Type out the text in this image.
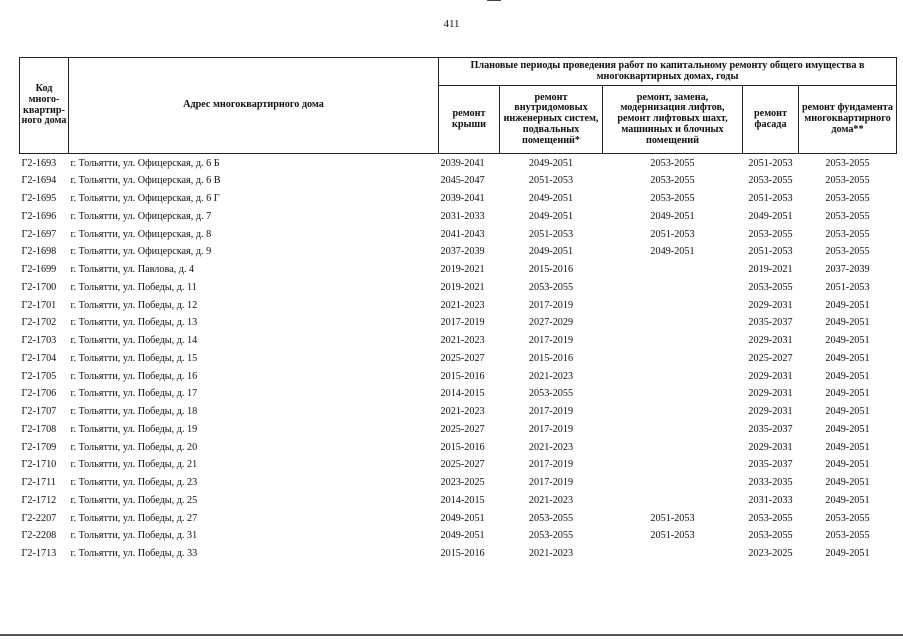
411
Код много-квартир-ного дома	Адрес многоквартирного дома	Плановые периоды проведения работ по капитальному ремонту общего имущества в многоквартирных домах, годы				
		ремонт крыши	ремонт внутридомовых инженерных систем, подвальных помещений*	ремонт, замена, модернизация лифтов, ремонт лифтовых шахт, машинных и блочных помещений	ремонт фасада	ремонт фундамента многоквартирного дома**
Г2-1693	г. Тольятти, ул. Офицерская, д. 6 Б	2039-2041	2049-2051	2053-2055	2051-2053	2053-2055
Г2-1694	г. Тольятти, ул. Офицерская, д. 6 В	2045-2047	2051-2053	2053-2055	2053-2055	2053-2055
Г2-1695	г. Тольятти, ул. Офицерская, д. 6 Г	2039-2041	2049-2051	2053-2055	2051-2053	2053-2055
Г2-1696	г. Тольятти, ул. Офицерская, д. 7	2031-2033	2049-2051	2049-2051	2049-2051	2053-2055
Г2-1697	г. Тольятти, ул. Офицерская, д. 8	2041-2043	2051-2053	2051-2053	2053-2055	2053-2055
Г2-1698	г. Тольятти, ул. Офицерская, д. 9	2037-2039	2049-2051	2049-2051	2051-2053	2053-2055
Г2-1699	г. Тольятти, ул. Павлова, д. 4	2019-2021	2015-2016		2019-2021	2037-2039
Г2-1700	г. Тольятти, ул. Победы, д. 11	2019-2021	2053-2055		2053-2055	2051-2053
Г2-1701	г. Тольятти, ул. Победы, д. 12	2021-2023	2017-2019		2029-2031	2049-2051
Г2-1702	г. Тольятти, ул. Победы, д. 13	2017-2019	2027-2029		2035-2037	2049-2051
Г2-1703	г. Тольятти, ул. Победы, д. 14	2021-2023	2017-2019		2029-2031	2049-2051
Г2-1704	г. Тольятти, ул. Победы, д. 15	2025-2027	2015-2016		2025-2027	2049-2051
Г2-1705	г. Тольятти, ул. Победы, д. 16	2015-2016	2021-2023		2029-2031	2049-2051
Г2-1706	г. Тольятти, ул. Победы, д. 17	2014-2015	2053-2055		2029-2031	2049-2051
Г2-1707	г. Тольятти, ул. Победы, д. 18	2021-2023	2017-2019		2029-2031	2049-2051
Г2-1708	г. Тольятти, ул. Победы, д. 19	2025-2027	2017-2019		2035-2037	2049-2051
Г2-1709	г. Тольятти, ул. Победы, д. 20	2015-2016	2021-2023		2029-2031	2049-2051
Г2-1710	г. Тольятти, ул. Победы, д. 21	2025-2027	2017-2019		2035-2037	2049-2051
Г2-1711	г. Тольятти, ул. Победы, д. 23	2023-2025	2017-2019		2033-2035	2049-2051
Г2-1712	г. Тольятти, ул. Победы, д. 25	2014-2015	2021-2023		2031-2033	2049-2051
Г2-2207	г. Тольятти, ул. Победы, д. 27	2049-2051	2053-2055	2051-2053	2053-2055	2053-2055
Г2-2208	г. Тольятти, ул. Победы, д. 31	2049-2051	2053-2055	2051-2053	2053-2055	2053-2055
Г2-1713	г. Тольятти, ул. Победы, д. 33	2015-2016	2021-2023		2023-2025	2049-2051
